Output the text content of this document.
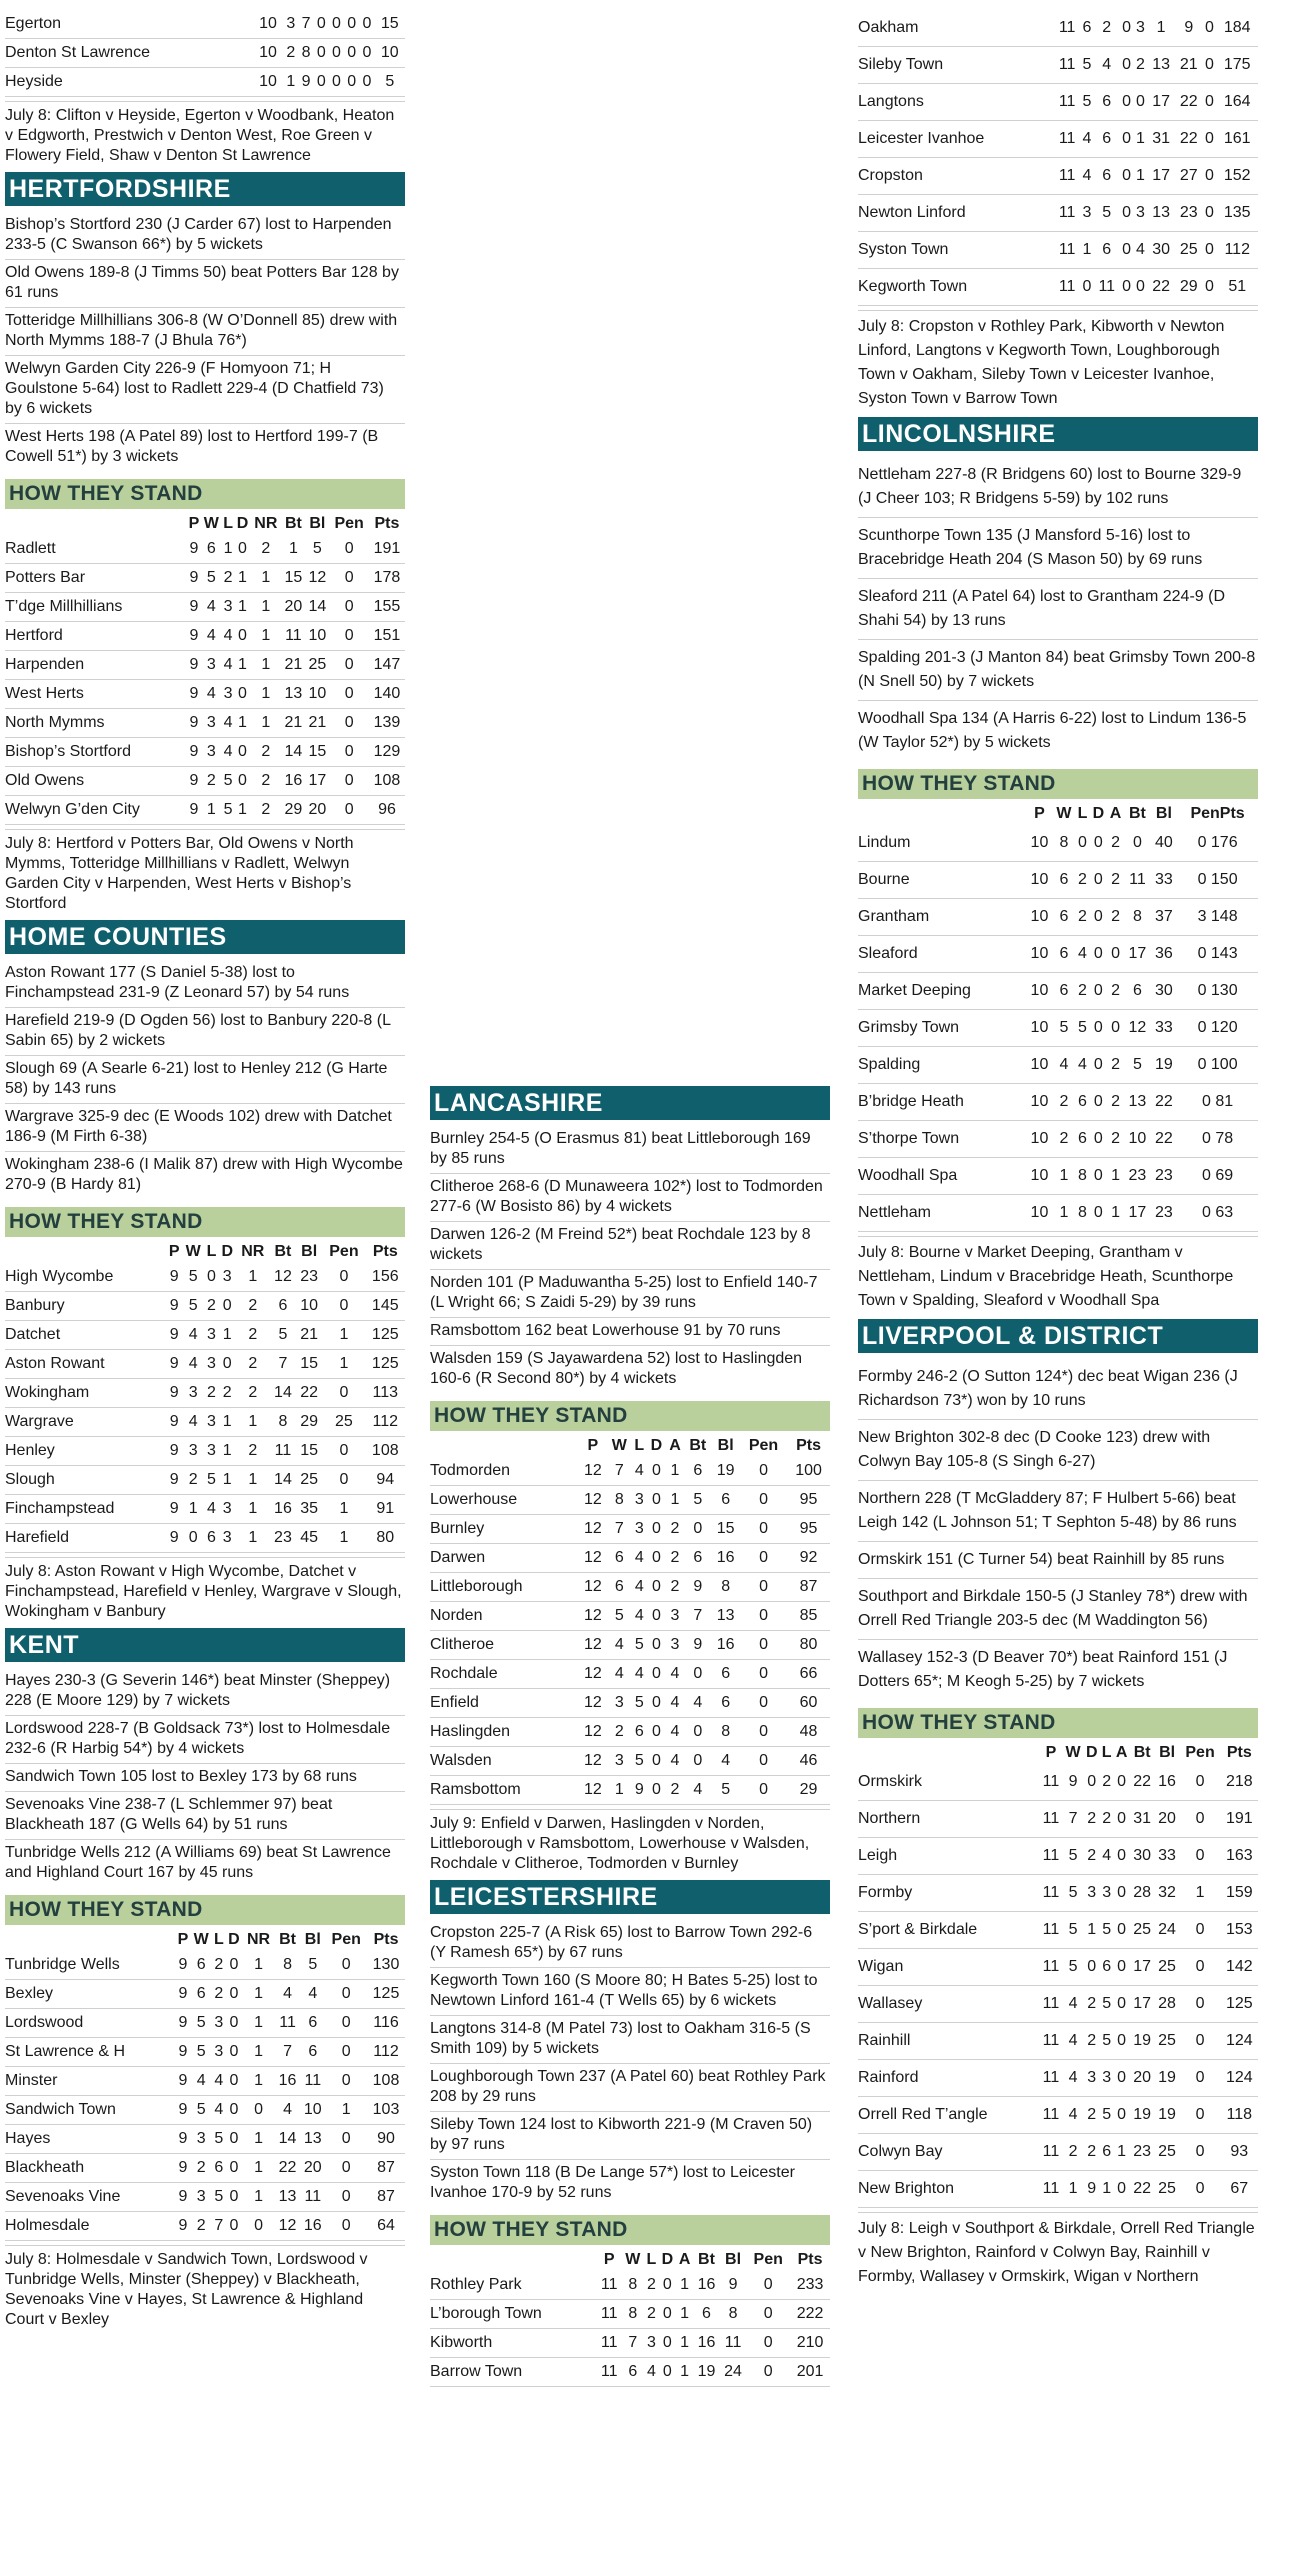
Egerton	10	3	7	0	0	0	0	15
Denton St Lawrence	10	2	8	0	0	0	0	10
Heyside	10	1	9	0	0	0	0	5
July 8: Clifton v Heyside, Egerton v Woodbank, Heaton v Edgworth, Prestwich v Denton West, Roe Green v Flowery Field, Shaw v Denton St Lawrence
HERTFORDSHIRE
Bishop’s Stortford 230 (J Carder 67) lost to Harpenden 233-5 (C Swanson 66*) by 5 wickets
Old Owens 189-8 (J Timms 50) beat Potters Bar 128 by 61 runs
Totteridge Millhillians 306-8 (W O’Donnell 85) drew with North Mymms 188-7 (J Bhula 76*)
Welwyn Garden City 226-9 (F Homyoon 71; H Goulstone 5-64) lost to Radlett 229-4 (D Chatfield 73) by 6 wickets
West Herts 198 (A Patel 89) lost to Hertford 199-7 (B Cowell 51*) by 3 wickets
HOW THEY STAND
	P	W	L	D	NR	Bt	Bl	Pen	Pts
Radlett	9	6	1	0	2	1	5	0	191
Potters Bar	9	5	2	1	1	15	12	0	178
T’dge Millhillians	9	4	3	1	1	20	14	0	155
Hertford	9	4	4	0	1	11	10	0	151
Harpenden	9	3	4	1	1	21	25	0	147
West Herts	9	4	3	0	1	13	10	0	140
North Mymms	9	3	4	1	1	21	21	0	139
Bishop’s Stortford	9	3	4	0	2	14	15	0	129
Old Owens	9	2	5	0	2	16	17	0	108
Welwyn G’den City	9	1	5	1	2	29	20	0	96
July 8: Hertford v Potters Bar, Old Owens v North Mymms, Totteridge Millhillians v Radlett, Welwyn Garden City v Harpenden, West Herts v Bishop’s Stortford
HOME COUNTIES
Aston Rowant 177 (S Daniel 5-38) lost to Finchampstead 231-9 (Z Leonard 57) by 54 runs
Harefield 219-9 (D Ogden 56) lost to Banbury 220-8 (L Sabin 65) by 2 wickets
Slough 69 (A Searle 6-21) lost to Henley 212 (G Harte 58) by 143 runs
Wargrave 325-9 dec (E Woods 102) drew with Datchet 186-9 (M Firth 6-38)
Wokingham 238-6 (I Malik 87) drew with High Wycombe 270-9 (B Hardy 81)
HOW THEY STAND
	P	W	L	D	NR	Bt	Bl	Pen	Pts
High Wycombe	9	5	0	3	1	12	23	0	156
Banbury	9	5	2	0	2	6	10	0	145
Datchet	9	4	3	1	2	5	21	1	125
Aston Rowant	9	4	3	0	2	7	15	1	125
Wokingham	9	3	2	2	2	14	22	0	113
Wargrave	9	4	3	1	1	8	29	25	112
Henley	9	3	3	1	2	11	15	0	108
Slough	9	2	5	1	1	14	25	0	94
Finchampstead	9	1	4	3	1	16	35	1	91
Harefield	9	0	6	3	1	23	45	1	80
July 8: Aston Rowant v High Wycombe, Datchet v Finchampstead, Harefield v Henley, Wargrave v Slough, Wokingham v Banbury
KENT
Hayes 230-3 (G Severin 146*) beat Minster (Sheppey) 228 (E Moore 129) by 7 wickets
Lordswood 228-7 (B Goldsack 73*) lost to Holmesdale 232-6 (R Harbig 54*) by 4 wickets
Sandwich Town 105 lost to Bexley 173 by 68 runs
Sevenoaks Vine 238-7 (L Schlemmer 97) beat Blackheath 187 (G Wells 64) by 51 runs
Tunbridge Wells 212 (A Williams 69) beat St Lawrence and Highland Court 167 by 45 runs
HOW THEY STAND
	P	W	L	D	NR	Bt	Bl	Pen	Pts
Tunbridge Wells	9	6	2	0	1	8	5	0	130
Bexley	9	6	2	0	1	4	4	0	125
Lordswood	9	5	3	0	1	11	6	0	116
St Lawrence & H	9	5	3	0	1	7	6	0	112
Minster	9	4	4	0	1	16	11	0	108
Sandwich Town	9	5	4	0	0	4	10	1	103
Hayes	9	3	5	0	1	14	13	0	90
Blackheath	9	2	6	0	1	22	20	0	87
Sevenoaks Vine	9	3	5	0	1	13	11	0	87
Holmesdale	9	2	7	0	0	12	16	0	64
July 8: Holmesdale v Sandwich Town, Lordswood v Tunbridge Wells, Minster (Sheppey) v Blackheath, Sevenoaks Vine v Hayes, St Lawrence & Highland Court v Bexley
LANCASHIRE
Burnley 254-5 (O Erasmus 81) beat Littleborough 169 by 85 runs
Clitheroe 268-6 (D Munaweera 102*) lost to Todmorden 277-6 (W Bosisto 86) by 4 wickets
Darwen 126-2 (M Freind 52*) beat Rochdale 123 by 8 wickets
Norden 101 (P Maduwantha 5-25) lost to Enfield 140-7 (L Wright 66; S Zaidi 5-29) by 39 runs
Ramsbottom 162 beat Lowerhouse 91 by 70 runs
Walsden 159 (S Jayawardena 52) lost to Haslingden 160-6 (R Second 80*) by 4 wickets
HOW THEY STAND
	P	W	L	D	A	Bt	Bl	Pen	Pts
Todmorden	12	7	4	0	1	6	19	0	100
Lowerhouse	12	8	3	0	1	5	6	0	95
Burnley	12	7	3	0	2	0	15	0	95
Darwen	12	6	4	0	2	6	16	0	92
Littleborough	12	6	4	0	2	9	8	0	87
Norden	12	5	4	0	3	7	13	0	85
Clitheroe	12	4	5	0	3	9	16	0	80
Rochdale	12	4	4	0	4	0	6	0	66
Enfield	12	3	5	0	4	4	6	0	60
Haslingden	12	2	6	0	4	0	8	0	48
Walsden	12	3	5	0	4	0	4	0	46
Ramsbottom	12	1	9	0	2	4	5	0	29
July 9: Enfield v Darwen, Haslingden v Norden, Littleborough v Ramsbottom, Lowerhouse v Walsden, Rochdale v Clitheroe, Todmorden v Burnley
LEICESTERSHIRE
Cropston 225-7 (A Risk 65) lost to Barrow Town 292-6 (Y Ramesh 65*) by 67 runs
Kegworth Town 160 (S Moore 80; H Bates 5-25) lost to Newtown Linford 161-4 (T Wells 65) by 6 wickets
Langtons 314-8 (M Patel 73) lost to Oakham 316-5 (S Smith 109) by 5 wickets
Loughborough Town 237 (A Patel 60) beat Rothley Park 208 by 29 runs
Sileby Town 124 lost to Kibworth 221-9 (M Craven 50) by 97 runs
Syston Town 118 (B De Lange 57*) lost to Leicester Ivanhoe 170-9 by 52 runs
HOW THEY STAND
	P	W	L	D	A	Bt	Bl	Pen	Pts
Rothley Park	11	8	2	0	1	16	9	0	233
L’borough Town	11	8	2	0	1	6	8	0	222
Kibworth	11	7	3	0	1	16	11	0	210
Barrow Town	11	6	4	0	1	19	24	0	201
Oakham	11	6	2	0	3	1	9	0	184
Sileby Town	11	5	4	0	2	13	21	0	175
Langtons	11	5	6	0	0	17	22	0	164
Leicester Ivanhoe	11	4	6	0	1	31	22	0	161
Cropston	11	4	6	0	1	17	27	0	152
Newton Linford	11	3	5	0	3	13	23	0	135
Syston Town	11	1	6	0	4	30	25	0	112
Kegworth Town	11	0	11	0	0	22	29	0	51
July 8: Cropston v Rothley Park, Kibworth v Newton Linford, Langtons v Kegworth Town, Loughborough Town v Oakham, Sileby Town v Leicester Ivanhoe, Syston Town v Barrow Town
LINCOLNSHIRE
Nettleham 227-8 (R Bridgens 60) lost to Bourne 329-9 (J Cheer 103; R Bridgens 5-59) by 102 runs
Scunthorpe Town 135 (J Mansford 5-16) lost to Bracebridge Heath 204 (S Mason 50) by 69 runs
Sleaford 211 (A Patel 64) lost to Grantham 224-9 (D Shahi 54) by 13 runs
Spalding 201-3 (J Manton 84) beat Grimsby Town 200-8 (N Snell 50) by 7 wickets
Woodhall Spa 134 (A Harris 6-22) lost to Lindum 136-5 (W Taylor 52*) by 5 wickets
HOW THEY STAND
	P	W	L	D	A	Bt	Bl	PenPts
Lindum	10	8	0	0	2	0	40	0 176
Bourne	10	6	2	0	2	11	33	0 150
Grantham	10	6	2	0	2	8	37	3 148
Sleaford	10	6	4	0	0	17	36	0 143
Market Deeping	10	6	2	0	2	6	30	0 130
Grimsby Town	10	5	5	0	0	12	33	0 120
Spalding	10	4	4	0	2	5	19	0 100
B’bridge Heath	10	2	6	0	2	13	22	0 81
S’thorpe Town	10	2	6	0	2	10	22	0 78
Woodhall Spa	10	1	8	0	1	23	23	0 69
Nettleham	10	1	8	0	1	17	23	0 63
July 8: Bourne v Market Deeping, Grantham v Nettleham, Lindum v Bracebridge Heath, Scunthorpe Town v Spalding, Sleaford v Woodhall Spa
LIVERPOOL & DISTRICT
Formby 246-2 (O Sutton 124*) dec beat Wigan 236 (J Richardson 73*) won by 10 runs
New Brighton 302-8 dec (D Cooke 123) drew with Colwyn Bay 105-8 (S Singh 6-27)
Northern 228 (T McGladdery 87; F Hulbert 5-66) beat Leigh 142 (L Johnson 51; T Sephton 5-48) by 86 runs
Ormskirk 151 (C Turner 54) beat Rainhill by 85 runs
Southport and Birkdale 150-5 (J Stanley 78*) drew with Orrell Red Triangle 203-5 dec (M Waddington 56)
Wallasey 152-3 (D Beaver 70*) beat Rainford 151 (J Dotters 65*; M Keogh 5-25) by 7 wickets
HOW THEY STAND
	P	W	D	L	A	Bt	Bl	Pen	Pts
Ormskirk	11	9	0	2	0	22	16	0	218
Northern	11	7	2	2	0	31	20	0	191
Leigh	11	5	2	4	0	30	33	0	163
Formby	11	5	3	3	0	28	32	1	159
S’port & Birkdale	11	5	1	5	0	25	24	0	153
Wigan	11	5	0	6	0	17	25	0	142
Wallasey	11	4	2	5	0	17	28	0	125
Rainhill	11	4	2	5	0	19	25	0	124
Rainford	11	4	3	3	0	20	19	0	124
Orrell Red T’angle	11	4	2	5	0	19	19	0	118
Colwyn Bay	11	2	2	6	1	23	25	0	93
New Brighton	11	1	9	1	0	22	25	0	67
July 8: Leigh v Southport & Birkdale, Orrell Red Triangle v New Brighton, Rainford v Colwyn Bay, Rainhill v Formby, Wallasey v Ormskirk, Wigan v Northern
